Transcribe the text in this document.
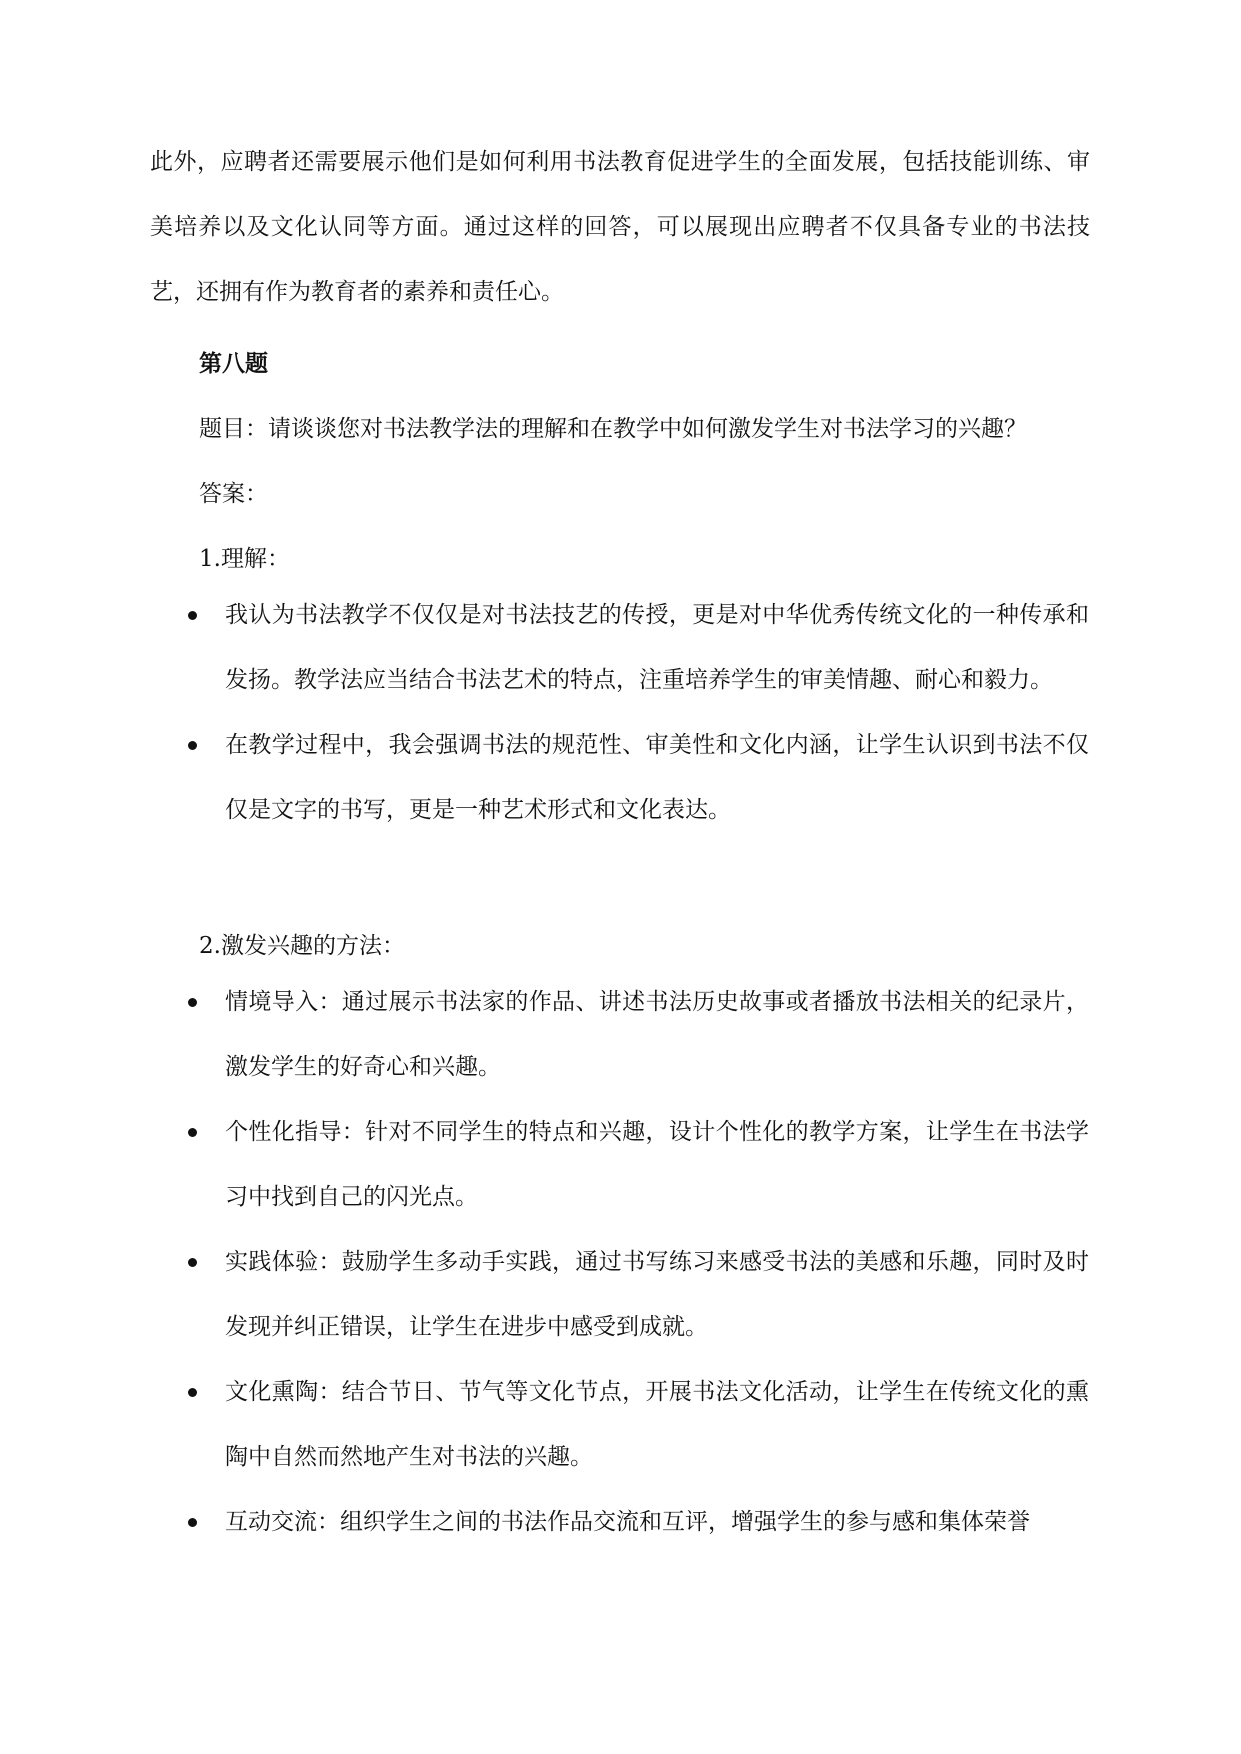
此外，应聘者还需要展示他们是如何利用书法教育促进学生的全面发展，包括技能训练、审美培养以及文化认同等方面。通过这样的回答，可以展现出应聘者不仅具备专业的书法技艺，还拥有作为教育者的素养和责任心。

第八题
题目：请谈谈您对书法教学法的理解和在教学中如何激发学生对书法学习的兴趣？
答案：
1.理解：
我认为书法教学不仅仅是对书法技艺的传授，更是对中华优秀传统文化的一种传承和发扬。教学法应当结合书法艺术的特点，注重培养学生的审美情趣、耐心和毅力。
在教学过程中，我会强调书法的规范性、审美性和文化内涵，让学生认识到书法不仅仅是文字的书写，更是一种艺术形式和文化表达。
2.激发兴趣的方法：
情境导入：通过展示书法家的作品、讲述书法历史故事或者播放书法相关的纪录片，激发学生的好奇心和兴趣。
个性化指导：针对不同学生的特点和兴趣，设计个性化的教学方案，让学生在书法学习中找到自己的闪光点。
实践体验：鼓励学生多动手实践，通过书写练习来感受书法的美感和乐趣，同时及时发现并纠正错误，让学生在进步中感受到成就。
文化熏陶：结合节日、节气等文化节点，开展书法文化活动，让学生在传统文化的熏陶中自然而然地产生对书法的兴趣。
互动交流：组织学生之间的书法作品交流和互评，增强学生的参与感和集体荣誉
